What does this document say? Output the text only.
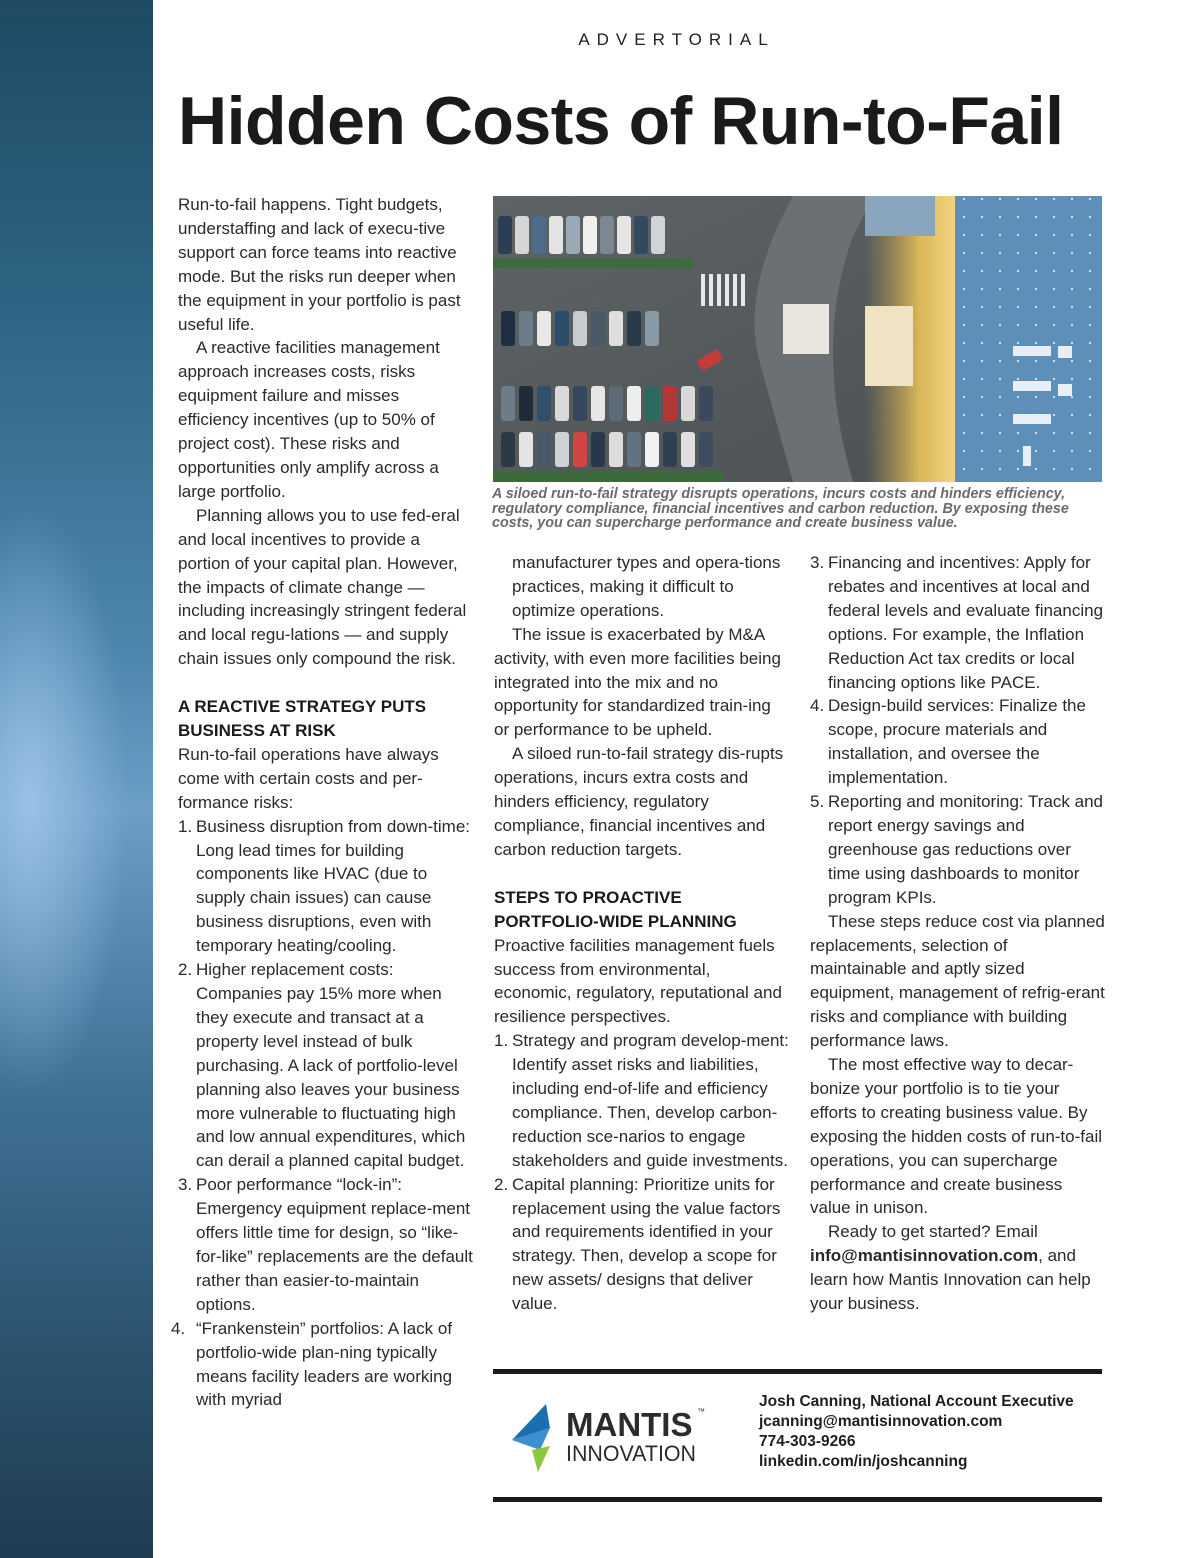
ADVERTORIAL
Hidden Costs of Run-to-Fail

Run-to-fail happens. Tight budgets, understaffing and lack of execu-tive support can force teams into reactive mode. But the risks run deeper when the equipment in your portfolio is past useful life.

A reactive facilities management approach increases costs, risks equipment failure and misses efficiency incentives (up to 50% of project cost). These risks and opportunities only amplify across a large portfolio.

Planning allows you to use fed-eral and local incentives to provide a portion of your capital plan. However, the impacts of climate change — including increasingly stringent federal and local regu-lations — and supply chain issues only compound the risk.

A REACTIVE STRATEGY PUTS BUSINESS AT RISK

Run-to-fail operations have always come with certain costs and per-formance risks:

1. Business disruption from down-time: Long lead times for building components like HVAC (due to supply chain issues) can cause business disruptions, even with temporary heating/cooling.
2. Higher replacement costs: Companies pay 15% more when they execute and transact at a property level instead of bulk purchasing. A lack of portfolio-level planning also leaves your business more vulnerable to fluctuating high and low annual expenditures, which can derail a planned capital budget.
3. Poor performance “lock-in”: Emergency equipment replace-ment offers little time for design, so “like-for-like” replacements are the default rather than easier-to-maintain options.
4. “Frankenstein” portfolios: A lack of portfolio-wide plan-ning typically means facility leaders are working with myriad
A siloed run-to-fail strategy disrupts operations, incurs costs and hinders efficiency, regulatory compliance, financial incentives and carbon reduction. By exposing these costs, you can supercharge performance and create business value.

manufacturer types and opera-tions practices, making it difficult to optimize operations.

The issue is exacerbated by M&A activity, with even more facilities being integrated into the mix and no opportunity for standardized train-ing or performance to be upheld.

A siloed run-to-fail strategy dis-rupts operations, incurs extra costs and hinders efficiency, regulatory compliance, financial incentives and carbon reduction targets.

STEPS TO PROACTIVE PORTFOLIO-WIDE PLANNING

Proactive facilities management fuels success from environmental, economic, regulatory, reputational and resilience perspectives.

1. Strategy and program develop-ment: Identify asset risks and liabilities, including end-of-life and efficiency compliance. Then, develop carbon-reduction sce-narios to engage stakeholders and guide investments.
2. Capital planning: Prioritize units for replacement using the value factors and requirements identified in your strategy. Then, develop a scope for new assets/ designs that deliver value.
3. Financing and incentives: Apply for rebates and incentives at local and federal levels and evaluate financing options. For example, the Inflation Reduction Act tax credits or local financing options like PACE.
4. Design-build services: Finalize the scope, procure materials and installation, and oversee the implementation.
5. Reporting and monitoring: Track and report energy savings and greenhouse gas reductions over time using dashboards to monitor program KPIs.

These steps reduce cost via planned replacements, selection of maintainable and aptly sized equipment, management of refrig-erant risks and compliance with building performance laws.

The most effective way to decar-bonize your portfolio is to tie your efforts to creating business value. By exposing the hidden costs of run-to-fail operations, you can supercharge performance and create business value in unison.

Ready to get started? Email info@mantisinnovation.com, and learn how Mantis Innovation can help your business.

MANTIS ™
INNOVATION
Josh Canning, National Account Executive
jcanning@mantisinnovation.com
774-303-9266
linkedin.com/in/joshcanning
